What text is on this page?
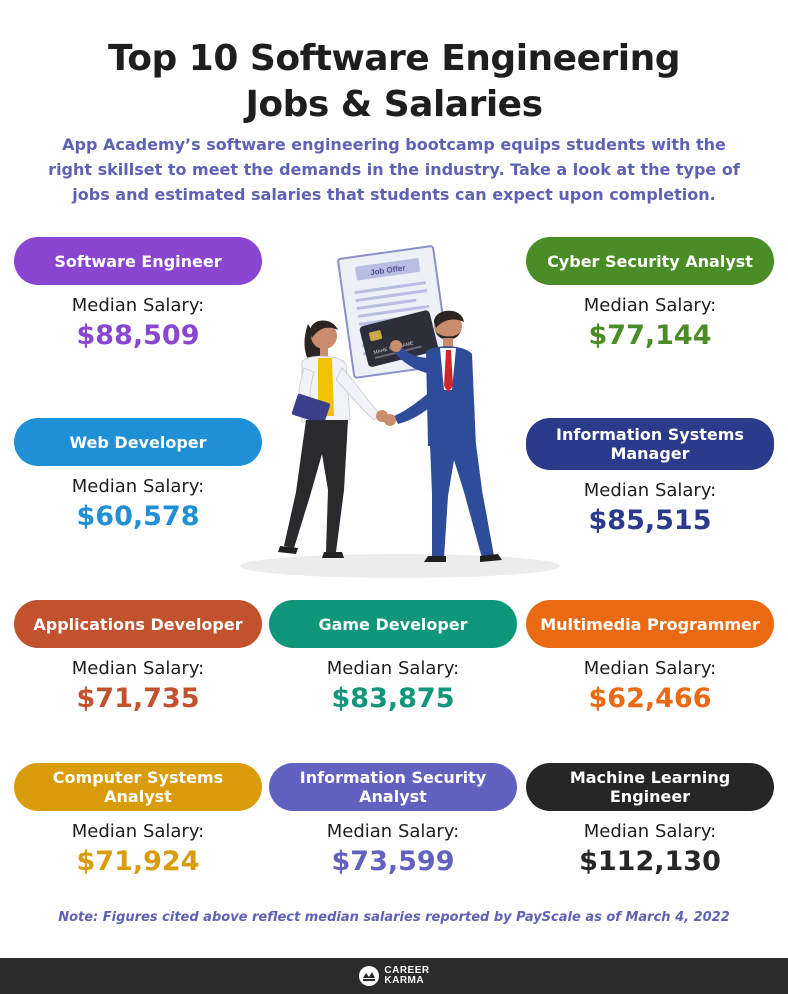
Top 10 Software Engineering
Jobs & Salaries
App Academy’s software engineering bootcamp equips students with the
right skillset to meet the demands in the industry. Take a look at the type of
jobs and estimated salaries that students can expect upon completion.
Software Engineer
Median Salary:
$88,509
Cyber Security Analyst
Median Salary:
$77,144
Web Developer
Median Salary:
$60,578
Information Systems
Manager
Median Salary:
$85,515
Applications Developer
Median Salary:
$71,735
Game Developer
Median Salary:
$83,875
Multimedia Programmer
Median Salary:
$62,466
Computer Systems
Analyst
Median Salary:
$71,924
Information Security
Analyst
Median Salary:
$73,599
Machine Learning
Engineer
Median Salary:
$112,130
Job Offer
MAHE
Note: Figures cited above reflect median salaries reported by PayScale as of March 4, 2022
CAREER
KARMA
